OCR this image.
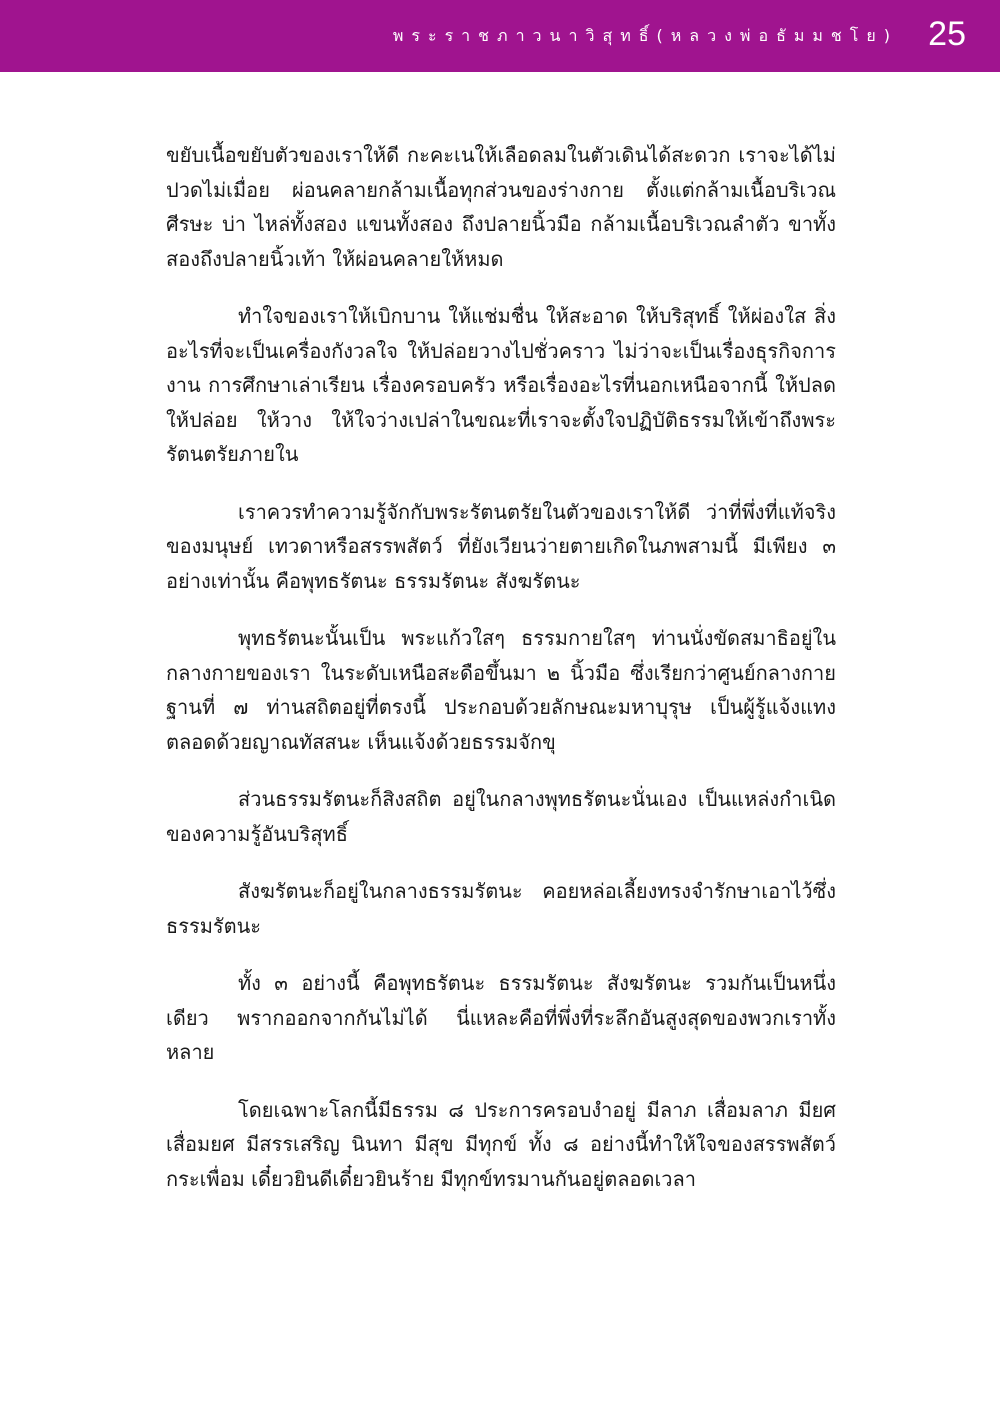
พระราชภาวนาวิสุทธิ์(หลวงพ่อธัมมชโย) 25

ขยับเนื้อขยับตัวของเราให้ดี กะคะเนให้เลือดลมในตัวเดินได้สะดวก เราจะได้ไม่ปวดไม่เมื่อย ผ่อนคลายกล้ามเนื้อทุกส่วนของร่างกาย ตั้งแต่กล้ามเนื้อบริเวณศีรษะ บ่า ไหล่ทั้งสอง แขนทั้งสอง ถึงปลายนิ้วมือ กล้ามเนื้อบริเวณลำตัว ขาทั้งสองถึงปลายนิ้วเท้า ให้ผ่อนคลายให้หมด

ทำใจของเราให้เบิกบาน ให้แช่มชื่น ให้สะอาด ให้บริสุทธิ์ ให้ผ่องใส สิ่งอะไรที่จะเป็นเครื่องกังวลใจ ให้ปล่อยวางไปชั่วคราว ไม่ว่าจะเป็นเรื่องธุรกิจการงาน การศึกษาเล่าเรียน เรื่องครอบครัว หรือเรื่องอะไรที่นอกเหนือจากนี้ ให้ปลด ให้ปล่อย ให้วาง ให้ใจว่างเปล่าในขณะที่เราจะตั้งใจปฏิบัติธรรมให้เข้าถึงพระรัตนตรัยภายใน

เราควรทำความรู้จักกับพระรัตนตรัยในตัวของเราให้ดี ว่าที่พึ่งที่แท้จริงของมนุษย์ เทวดาหรือสรรพสัตว์ ที่ยังเวียนว่ายตายเกิดในภพสามนี้ มีเพียง ๓ อย่างเท่านั้น คือพุทธรัตนะ ธรรมรัตนะ สังฆรัตนะ

พุทธรัตนะนั้นเป็น พระแก้วใสๆ ธรรมกายใสๆ ท่านนั่งขัดสมาธิอยู่ในกลางกายของเรา ในระดับเหนือสะดือขึ้นมา ๒ นิ้วมือ ซึ่งเรียกว่าศูนย์กลางกายฐานที่ ๗ ท่านสถิตอยู่ที่ตรงนี้ ประกอบด้วยลักษณะมหาบุรุษ เป็นผู้รู้แจ้งแทงตลอดด้วยญาณทัสสนะ เห็นแจ้งด้วยธรรมจักขุ

ส่วนธรรมรัตนะก็สิงสถิต อยู่ในกลางพุทธรัตนะนั่นเอง เป็นแหล่งกำเนิดของความรู้อันบริสุทธิ์

สังฆรัตนะก็อยู่ในกลางธรรมรัตนะ คอยหล่อเลี้ยงทรงจำรักษาเอาไว้ซึ่งธรรมรัตนะ

ทั้ง ๓ อย่างนี้ คือพุทธรัตนะ ธรรมรัตนะ สังฆรัตนะ รวมกันเป็นหนึ่งเดียว พรากออกจากกันไม่ได้ นี่แหละคือที่พึ่งที่ระลึกอันสูงสุดของพวกเราทั้งหลาย

โดยเฉพาะโลกนี้มีธรรม ๘ ประการครอบงำอยู่ มีลาภ เสื่อมลาภ มียศ เสื่อมยศ มีสรรเสริญ นินทา มีสุข มีทุกข์ ทั้ง ๘ อย่างนี้ทำให้ใจของสรรพสัตว์กระเพื่อม เดี๋ยวยินดีเดี๋ยวยินร้าย มีทุกข์ทรมานกันอยู่ตลอดเวลา
